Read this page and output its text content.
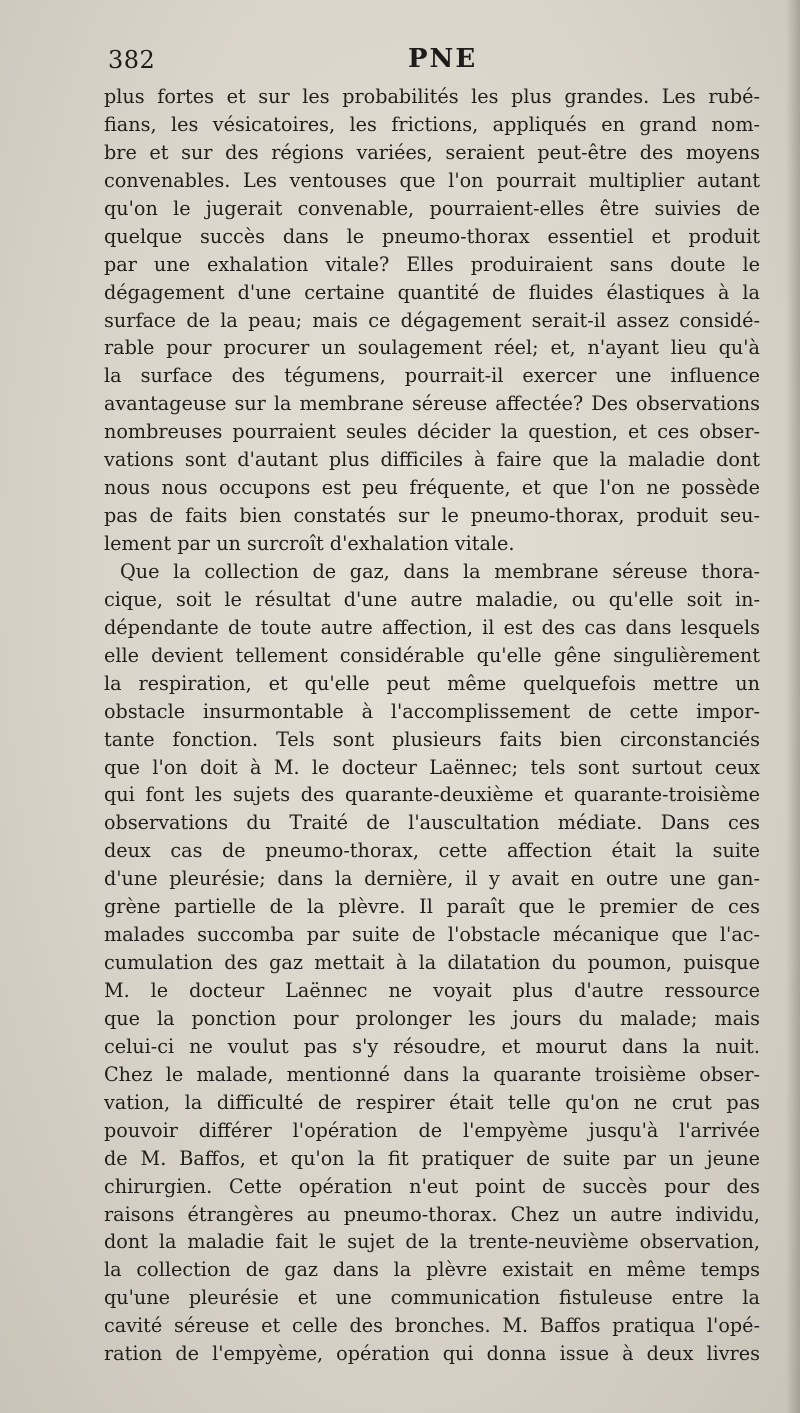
382	PNE
plus fortes et sur les probabilités les plus grandes. Les rubé-
fians, les vésicatoires, les frictions, appliqués en grand nom-
bre et sur des régions variées, seraient peut-être des moyens
convenables. Les ventouses que l'on pourrait multiplier autant
qu'on le jugerait convenable, pourraient-elles être suivies de
quelque succès dans le pneumo-thorax essentiel et produit
par une exhalation vitale? Elles produiraient sans doute le
dégagement d'une certaine quantité de fluides élastiques à la
surface de la peau; mais ce dégagement serait-il assez considé-
rable pour procurer un soulagement réel; et, n'ayant lieu qu'à
la surface des tégumens, pourrait-il exercer une influence
avantageuse sur la membrane séreuse affectée? Des observations
nombreuses pourraient seules décider la question, et ces obser-
vations sont d'autant plus difficiles à faire que la maladie dont
nous nous occupons est peu fréquente, et que l'on ne possède
pas de faits bien constatés sur le pneumo-thorax, produit seu-
lement par un surcroît d'exhalation vitale.
Que la collection de gaz, dans la membrane séreuse thora-
cique, soit le résultat d'une autre maladie, ou qu'elle soit in-
dépendante de toute autre affection, il est des cas dans lesquels
elle devient tellement considérable qu'elle gêne singulièrement
la respiration, et qu'elle peut même quelquefois mettre un
obstacle insurmontable à l'accomplissement de cette impor-
tante fonction. Tels sont plusieurs faits bien circonstanciés
que l'on doit à M. le docteur Laënnec; tels sont surtout ceux
qui font les sujets des quarante-deuxième et quarante-troisième
observations du Traité de l'auscultation médiate. Dans ces
deux cas de pneumo-thorax, cette affection était la suite
d'une pleurésie; dans la dernière, il y avait en outre une gan-
grène partielle de la plèvre. Il paraît que le premier de ces
malades succomba par suite de l'obstacle mécanique que l'ac-
cumulation des gaz mettait à la dilatation du poumon, puisque
M. le docteur Laënnec ne voyait plus d'autre ressource
que la ponction pour prolonger les jours du malade; mais
celui-ci ne voulut pas s'y résoudre, et mourut dans la nuit.
Chez le malade, mentionné dans la quarante troisième obser-
vation, la difficulté de respirer était telle qu'on ne crut pas
pouvoir différer l'opération de l'empyème jusqu'à l'arrivée
de M. Baffos, et qu'on la fit pratiquer de suite par un jeune
chirurgien. Cette opération n'eut point de succès pour des
raisons étrangères au pneumo-thorax. Chez un autre individu,
dont la maladie fait le sujet de la trente-neuvième observation,
la collection de gaz dans la plèvre existait en même temps
qu'une pleurésie et une communication fistuleuse entre la
cavité séreuse et celle des bronches. M. Baffos pratiqua l'opé-
ration de l'empyème, opération qui donna issue à deux livres
